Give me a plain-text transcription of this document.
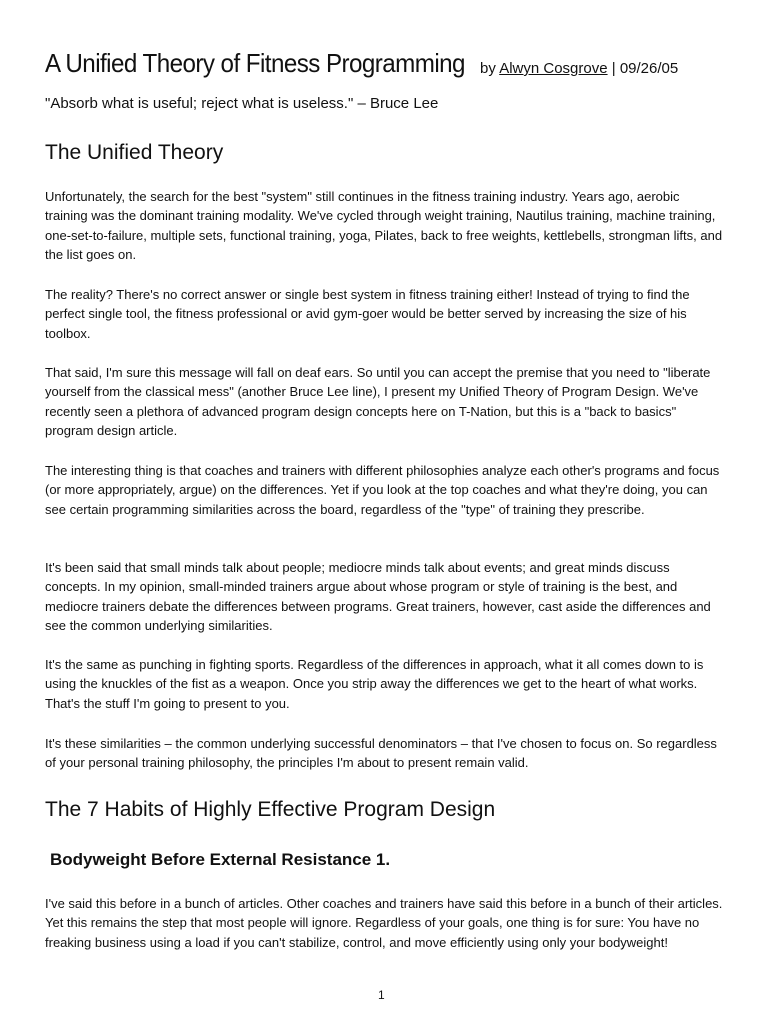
A Unified Theory of Fitness Programming by Alwyn Cosgrove | 09/26/05
"Absorb what is useful; reject what is useless." – Bruce Lee
The Unified Theory

Unfortunately, the search for the best "system" still continues in the fitness training industry. Years ago, aerobic training was the dominant training modality. We've cycled through weight training, Nautilus training, machine training, one-set-to-failure, multiple sets, functional training, yoga, Pilates, back to free weights, kettlebells, strongman lifts, and the list goes on.

The reality? There's no correct answer or single best system in fitness training either! Instead of trying to find the perfect single tool, the fitness professional or avid gym-goer would be better served by increasing the size of his toolbox.

That said, I'm sure this message will fall on deaf ears. So until you can accept the premise that you need to "liberate yourself from the classical mess" (another Bruce Lee line), I present my Unified Theory of Program Design. We've recently seen a plethora of advanced program design concepts here on T-Nation, but this is a "back to basics" program design article.

The interesting thing is that coaches and trainers with different philosophies analyze each other's programs and focus (or more appropriately, argue) on the differences. Yet if you look at the top coaches and what they're doing, you can see certain programming similarities across the board, regardless of the "type" of training they prescribe.

It's been said that small minds talk about people; mediocre minds talk about events; and great minds discuss concepts. In my opinion, small-minded trainers argue about whose program or style of training is the best, and mediocre trainers debate the differences between programs. Great trainers, however, cast aside the differences and see the common underlying similarities.

It's the same as punching in fighting sports. Regardless of the differences in approach, what it all comes down to is using the knuckles of the fist as a weapon. Once you strip away the differences we get to the heart of what works. That's the stuff I'm going to present to you.

It's these similarities – the common underlying successful denominators – that I've chosen to focus on. So regardless of your personal training philosophy, the principles I'm about to present remain valid.

The 7 Habits of Highly Effective Program Design
Bodyweight Before External Resistance 1.

I've said this before in a bunch of articles. Other coaches and trainers have said this before in a bunch of their articles. Yet this remains the step that most people will ignore. Regardless of your goals, one thing is for sure: You have no freaking business using a load if you can't stabilize, control, and move efficiently using only your bodyweight!

1
